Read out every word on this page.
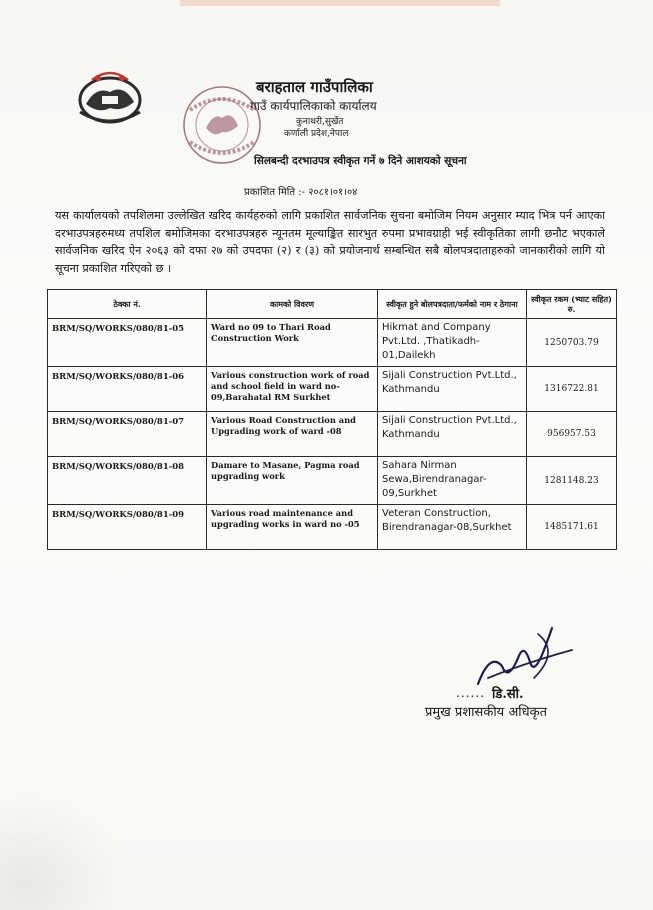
बराहताल गाउँपालिका
गाउँ कार्यपालिकाको कार्यालय
कुनाथरी,सुर्खेत
कर्णाली प्रदेश,नेपाल
सिलबन्दी दरभाउपत्र स्वीकृत गर्ने ७ दिने आशयको सूचना
प्रकाशित मिति :- २०८१।०१।०४
यस कार्यालयको तपशिलमा उल्लेखित खरिद कार्यहरुको लागि प्रकाशित सार्वजनिक सुचना बमोजिम नियम अनुसार म्याद भित्र पर्न आएका दरभाउपत्रहरुमध्य तपशिल बमोजिमका दरभाउपत्रहरु न्यूनतम मूल्याङ्कित सारभुत रुपमा प्रभावग्राही भई स्वीकृतिका लागी छनौट भएकाले सार्वजनिक खरिद ऐन २०६३ को दफा २७ को उपदफा (२) र (३) को प्रयोजनार्थ सम्बन्धित सबै बोलपत्रदाताहरुको जानकारीको लागि यो सूचना प्रकाशित गरिएको छ ।
ठेक्का नं.	कामको विवरण	स्वीकृत हुने बोलपत्रदाता/फर्मको नाम र ठेगाना	स्वीकृत रकम (भ्याट सहित) रु.
BRM/SQ/WORKS/080/81-05	Ward no 09 to Thari Road Construction Work	Hikmat and Company Pvt.Ltd. ,Thatikadh-01,Dailekh	1250703.79
BRM/SQ/WORKS/080/81-06	Various construction work of road and school field in ward no-09,Barahatal RM Surkhet	Sijali Construction Pvt.Ltd., Kathmandu	1316722.81
BRM/SQ/WORKS/080/81-07	Various Road Construction and Upgrading work of ward -08	Sijali Construction Pvt.Ltd., Kathmandu	956957.53
BRM/SQ/WORKS/080/81-08	Damare to Masane, Pagma road upgrading work	Sahara Nirman Sewa,Birendranagar-09,Surkhet	1281148.23
BRM/SQ/WORKS/080/81-09	Various road maintenance and upgrading works in ward no -05	Veteran Construction, Birendranagar-08,Surkhet	1485171.61
...... डि.सी.
प्रमुख प्रशासकीय अधिकृत
